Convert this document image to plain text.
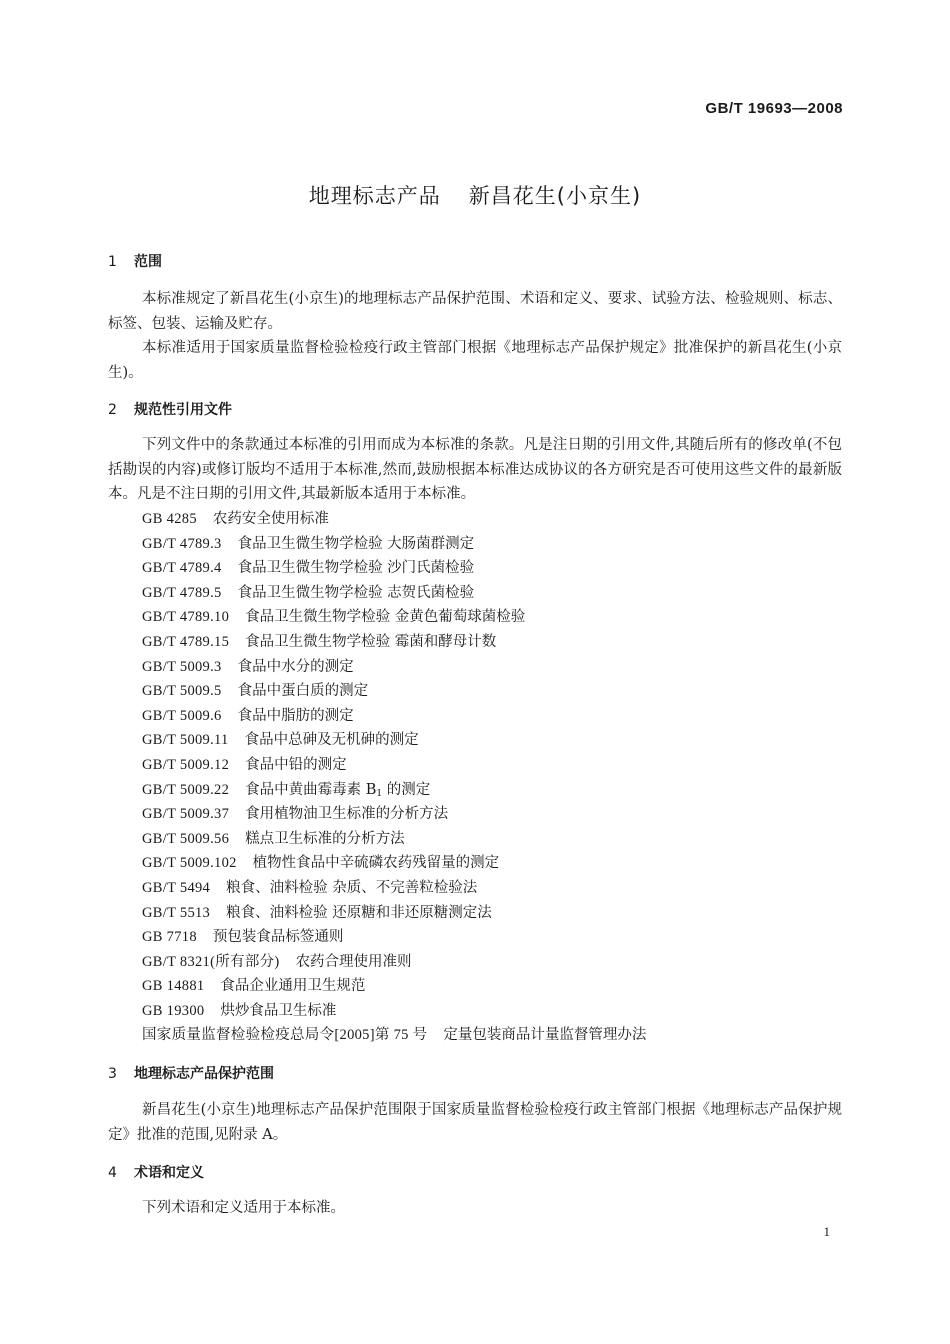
GB/T 19693—2008
地理标志产品 新昌花生(小京生)
1 范围

本标准规定了新昌花生(小京生)的地理标志产品保护范围、术语和定义、要求、试验方法、检验规则、标志、标签、包装、运输及贮存。

本标准适用于国家质量监督检验检疫行政主管部门根据《地理标志产品保护规定》批准保护的新昌花生(小京生)。

2 规范性引用文件

下列文件中的条款通过本标准的引用而成为本标准的条款。凡是注日期的引用文件,其随后所有的修改单(不包括勘误的内容)或修订版均不适用于本标准,然而,鼓励根据本标准达成协议的各方研究是否可使用这些文件的最新版本。凡是不注日期的引用文件,其最新版本适用于本标准。

GB 4285 农药安全使用标准
GB/T 4789.3 食品卫生微生物学检验 大肠菌群测定
GB/T 4789.4 食品卫生微生物学检验 沙门氏菌检验
GB/T 4789.5 食品卫生微生物学检验 志贺氏菌检验
GB/T 4789.10 食品卫生微生物学检验 金黄色葡萄球菌检验
GB/T 4789.15 食品卫生微生物学检验 霉菌和酵母计数
GB/T 5009.3 食品中水分的测定
GB/T 5009.5 食品中蛋白质的测定
GB/T 5009.6 食品中脂肪的测定
GB/T 5009.11 食品中总砷及无机砷的测定
GB/T 5009.12 食品中铅的测定
GB/T 5009.22 食品中黄曲霉毒素 $B_1$ 的测定
GB/T 5009.37 食用植物油卫生标准的分析方法
GB/T 5009.56 糕点卫生标准的分析方法
GB/T 5009.102 植物性食品中辛硫磷农药残留量的测定
GB/T 5494 粮食、油料检验 杂质、不完善粒检验法
GB/T 5513 粮食、油料检验 还原糖和非还原糖测定法
GB 7718 预包装食品标签通则
GB/T 8321(所有部分) 农药合理使用准则
GB 14881 食品企业通用卫生规范
GB 19300 烘炒食品卫生标准
国家质量监督检验检疫总局令[2005]第 75 号 定量包装商品计量监督管理办法
3 地理标志产品保护范围

新昌花生(小京生)地理标志产品保护范围限于国家质量监督检验检疫行政主管部门根据《地理标志产品保护规定》批准的范围,见附录 A。

4 术语和定义

下列术语和定义适用于本标准。

1
